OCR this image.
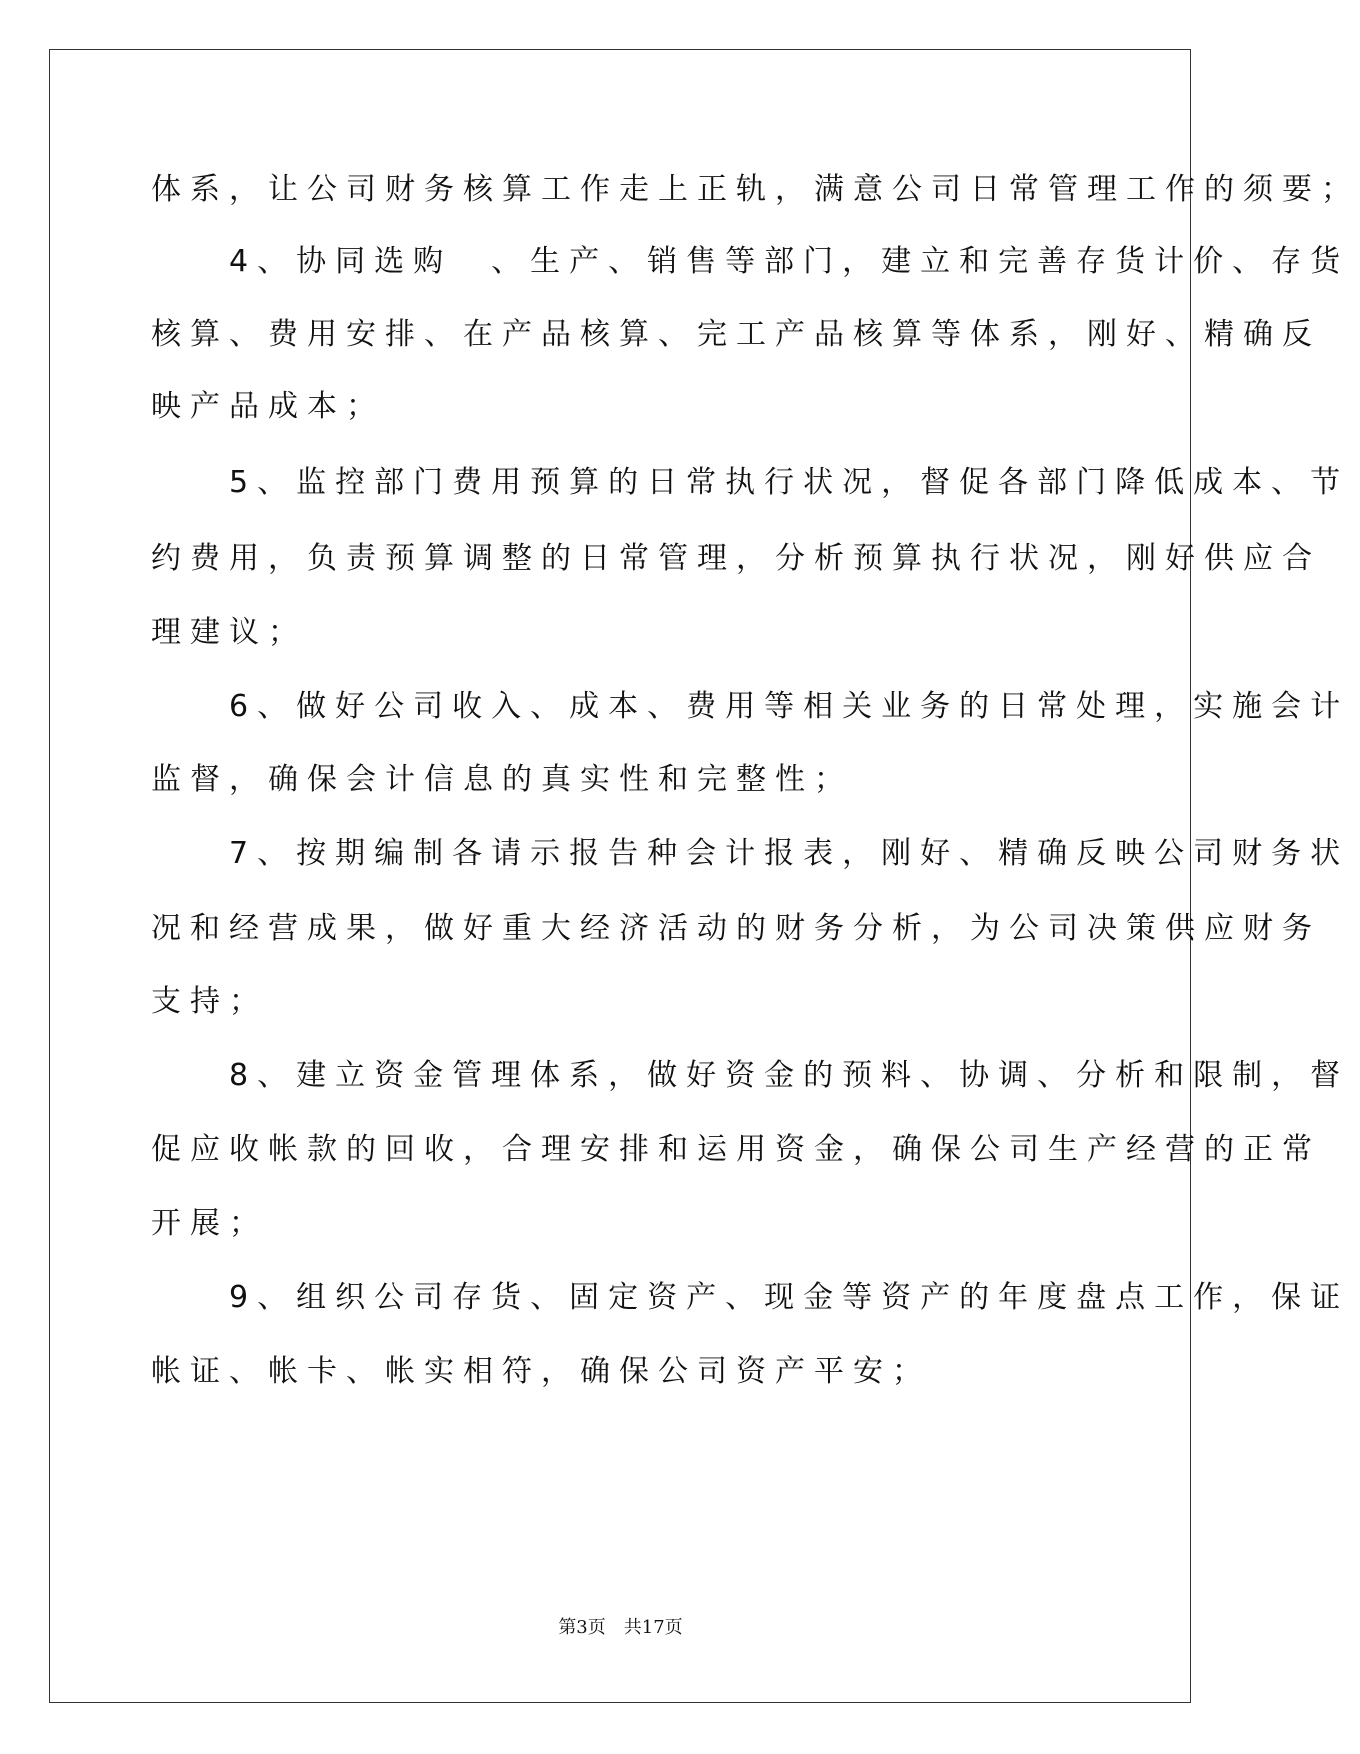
体系，让公司财务核算工作走上正轨，满意公司日常管理工作的须要；
　　4、协同选购　、生产、销售等部门，建立和完善存货计价、存货
核算、费用安排、在产品核算、完工产品核算等体系，刚好、精确反
映产品成本；
　　5、监控部门费用预算的日常执行状况，督促各部门降低成本、节
约费用，负责预算调整的日常管理，分析预算执行状况，刚好供应合
理建议；
　　6、做好公司收入、成本、费用等相关业务的日常处理，实施会计
监督，确保会计信息的真实性和完整性；
　　7、按期编制各请示报告种会计报表，刚好、精确反映公司财务状
况和经营成果，做好重大经济活动的财务分析，为公司决策供应财务
支持；
　　8、建立资金管理体系，做好资金的预料、协调、分析和限制，督
促应收帐款的回收，合理安排和运用资金，确保公司生产经营的正常
开展；
　　9、组织公司存货、固定资产、现金等资产的年度盘点工作，保证
帐证、帐卡、帐实相符，确保公司资产平安；
第3页　共17页
